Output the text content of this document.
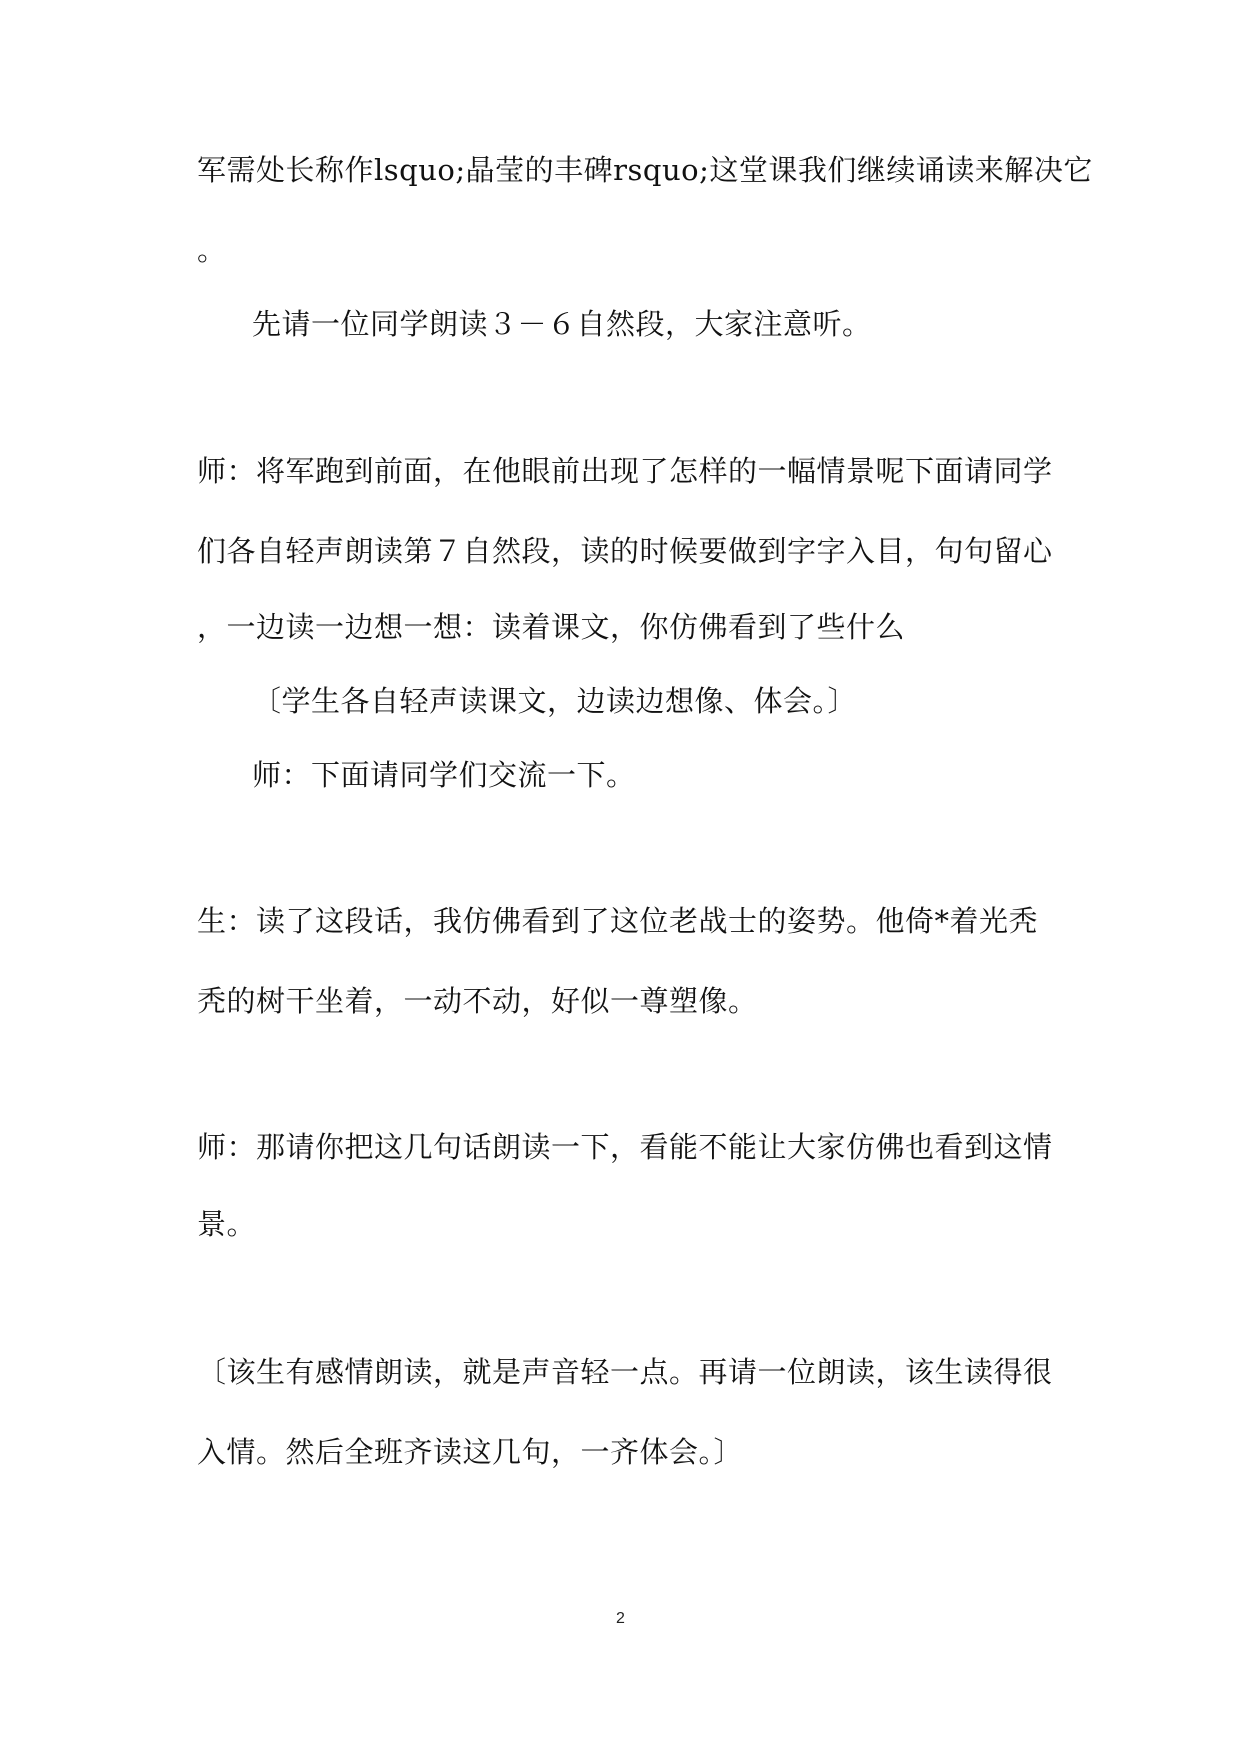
军需处长称作lsquo;晶莹的丰碑rsquo;这堂课我们继续诵读来解决它
。
先请一位同学朗读３－６自然段，大家注意听。
师：将军跑到前面，在他眼前出现了怎样的一幅情景呢下面请同学
们各自轻声朗读第７自然段，读的时候要做到字字入目，句句留心
，一边读一边想一想：读着课文，你仿佛看到了些什么
〔学生各自轻声读课文，边读边想像、体会。〕
师：下面请同学们交流一下。
生：读了这段话，我仿佛看到了这位老战士的姿势。他倚*着光秃
秃的树干坐着，一动不动，好似一尊塑像。
师：那请你把这几句话朗读一下，看能不能让大家仿佛也看到这情
景。
〔该生有感情朗读，就是声音轻一点。再请一位朗读，该生读得很
入情。然后全班齐读这几句，一齐体会。〕
2
